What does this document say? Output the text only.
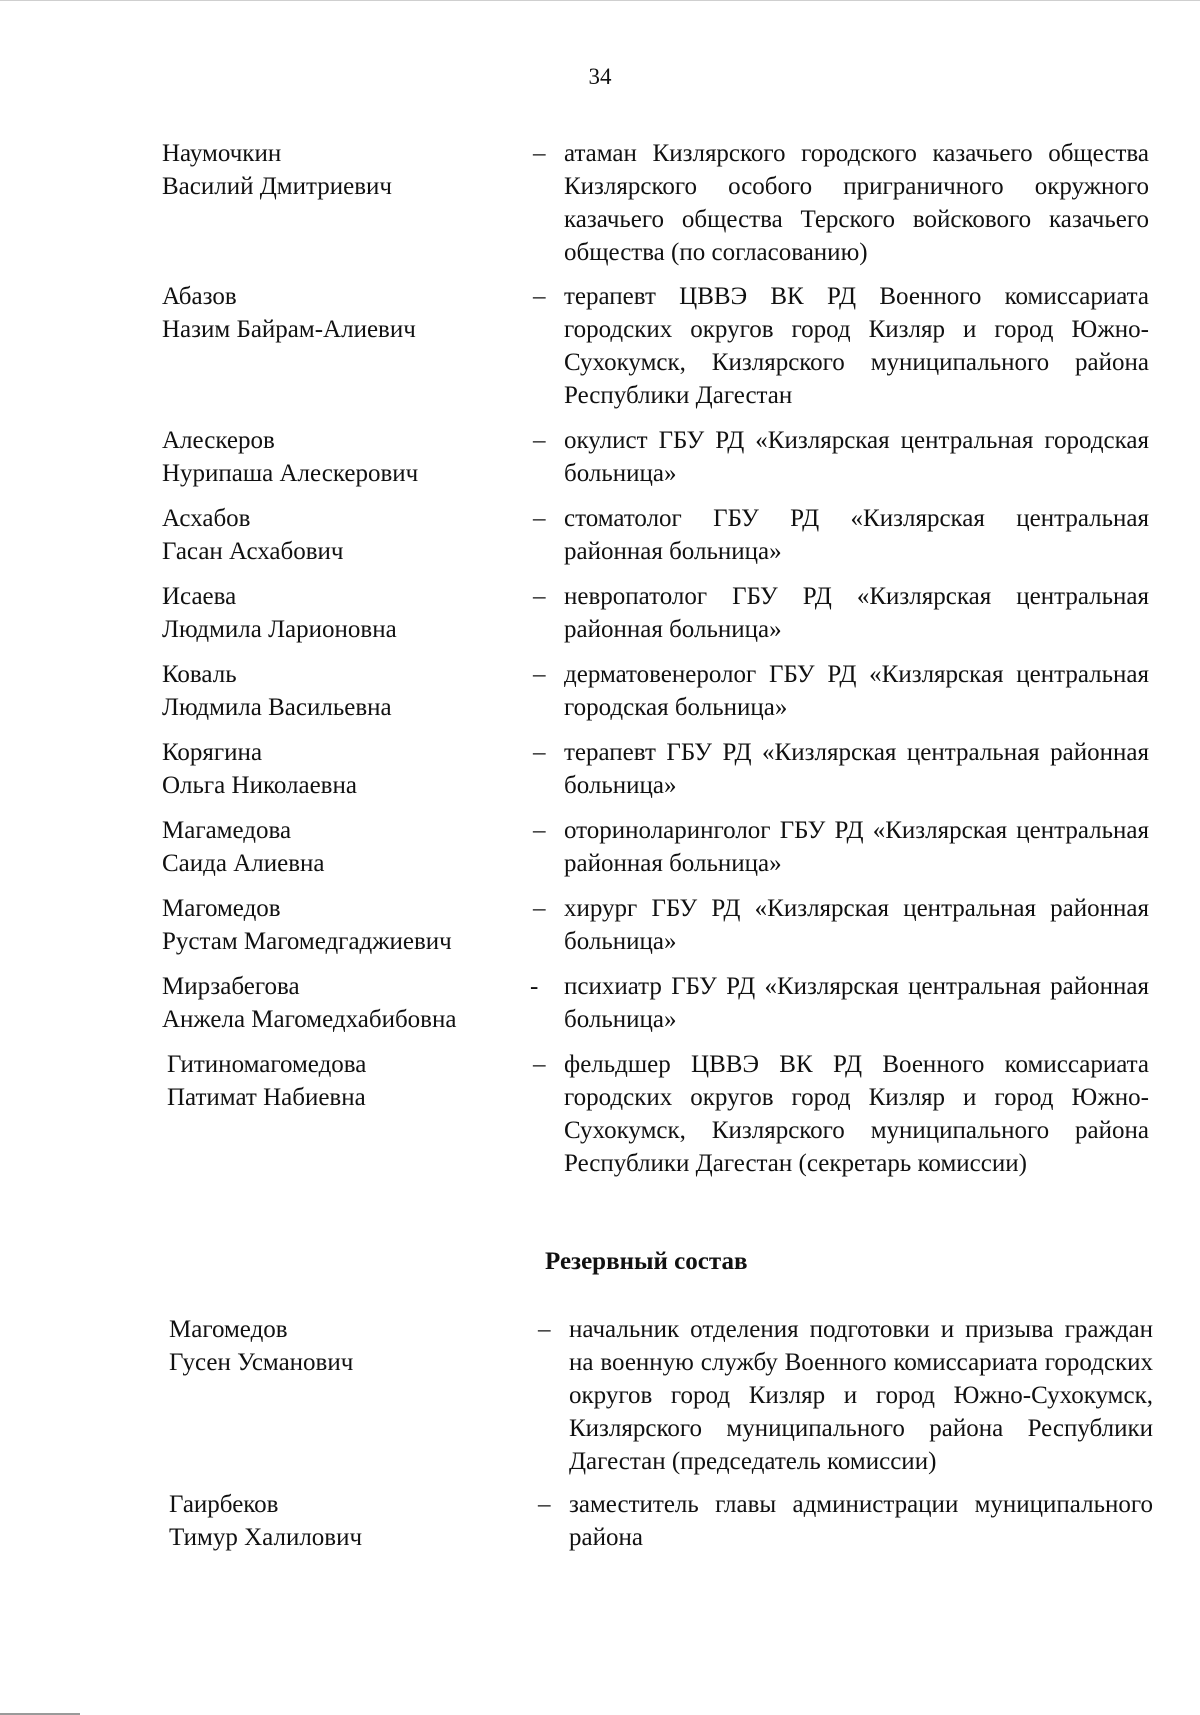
34
Наумочкин
Василий Дмитриевич
– атаман Кизлярского городского казачьего общества Кизлярского особого приграничного окружного казачьего общества Терского войскового казачьего общества (по согласованию)
Абазов
Назим Байрам-Алиевич
– терапевт ЦВВЭ ВК РД Военного комиссариата городских округов город Кизляр и город Южно-Сухокумск, Кизлярского муниципального района Республики Дагестан
Алескеров
Нурипаша Алескерович
– окулист ГБУ РД «Кизлярская центральная городская больница»
Асхабов
Гасан Асхабович
– стоматолог ГБУ РД «Кизлярская центральная районная больница»
Исаева
Людмила Ларионовна
– невропатолог ГБУ РД «Кизлярская центральная районная больница»
Коваль
Людмила Васильевна
– дерматовенеролог ГБУ РД «Кизлярская центральная городская больница»
Корягина
Ольга Николаевна
– терапевт ГБУ РД «Кизлярская центральная районная больница»
Магамедова
Саида Алиевна
– оториноларинголог ГБУ РД «Кизлярская центральная районная больница»
Магомедов
Рустам Магомедгаджиевич
– хирург ГБУ РД «Кизлярская центральная районная больница»
Мирзабегова
Анжела Магомедхабибовна
- психиатр ГБУ РД «Кизлярская центральная районная больница»
Гитиномагомедова
Патимат Набиевна
– фельдшер ЦВВЭ ВК РД Военного комиссариата городских округов город Кизляр и город Южно-Сухокумск, Кизлярского муниципального района Республики Дагестан (секретарь комиссии)
Резервный состав
Магомедов
Гусен Усманович
– начальник отделения подготовки и призыва граждан на военную службу Военного комиссариата городских округов город Кизляр и город Южно-Сухокумск, Кизлярского муниципального района Республики Дагестан (председатель комиссии)
Гаирбеков
Тимур Халилович
– заместитель главы администрации муниципального района
